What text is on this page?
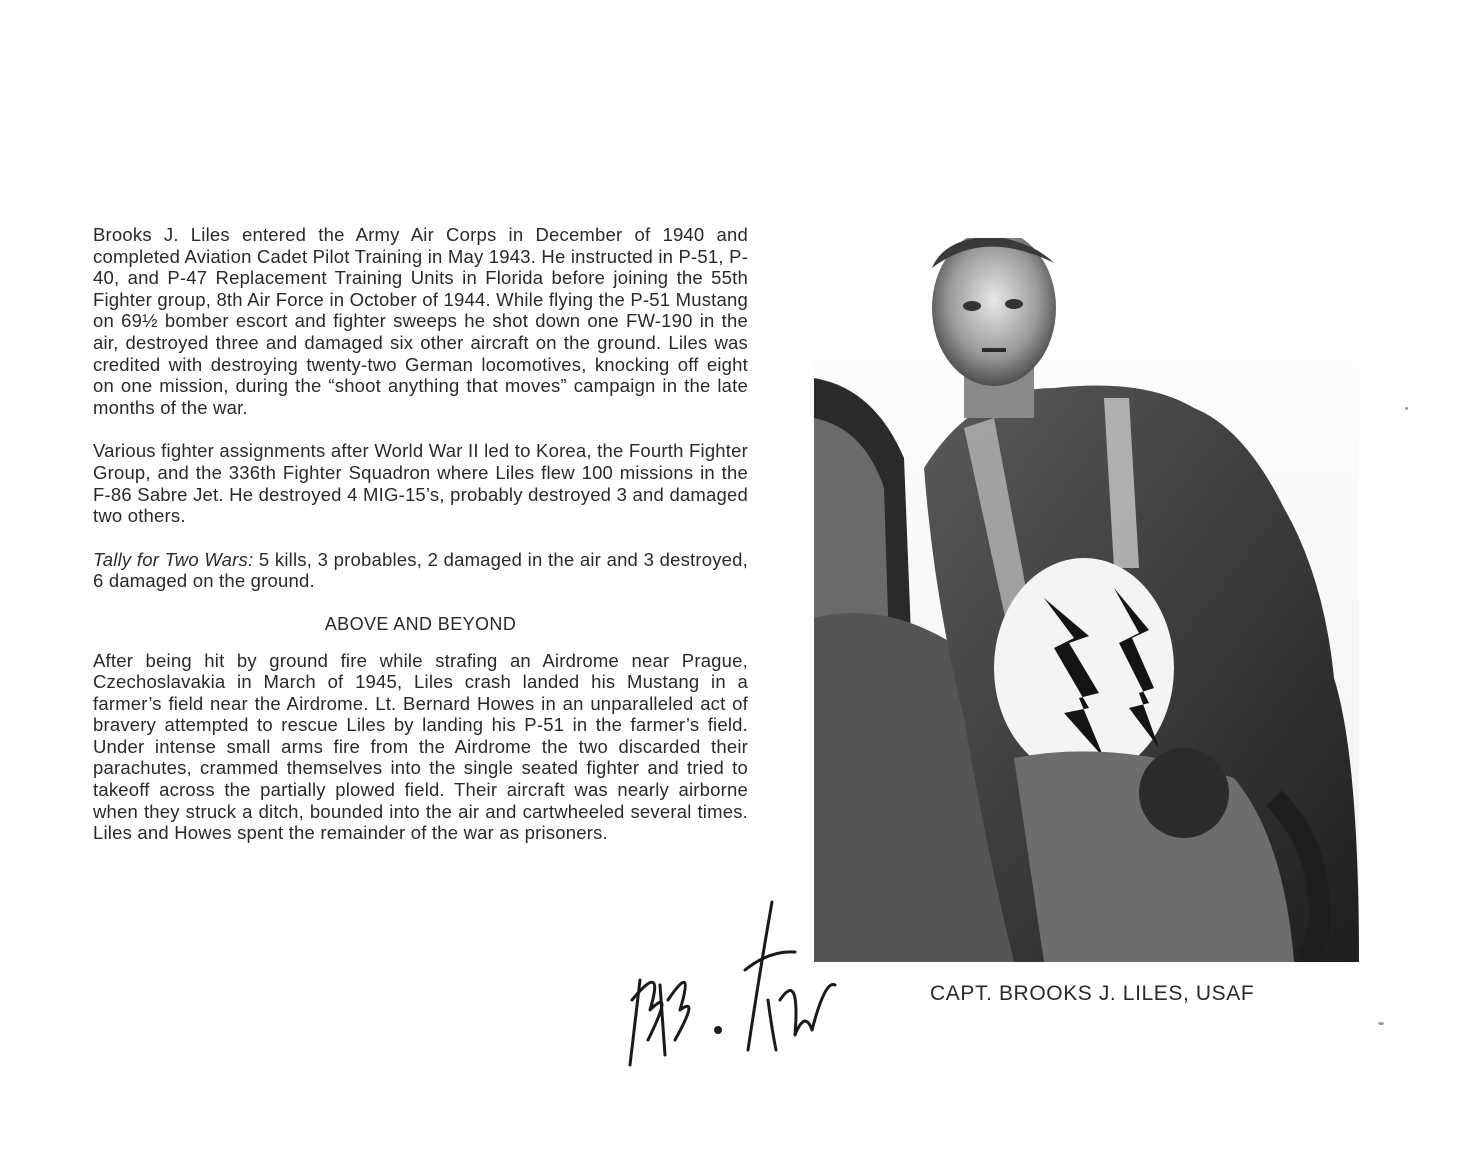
Brooks J. Liles entered the Army Air Corps in December of 1940 and completed Aviation Cadet Pilot Training in May 1943. He instructed in P-51, P-40, and P-47 Replacement Training Units in Florida before joining the 55th Fighter group, 8th Air Force in October of 1944. While flying the P-51 Mustang on 69½ bomber escort and fighter sweeps he shot down one FW-190 in the air, destroyed three and damaged six other aircraft on the ground. Liles was credited with destroying twenty-two German locomotives, knocking off eight on one mission, during the “shoot anything that moves” campaign in the late months of the war.

Various fighter assignments after World War II led to Korea, the Fourth Fighter Group, and the 336th Fighter Squadron where Liles flew 100 missions in the F-86 Sabre Jet. He destroyed 4 MIG-15’s, probably destroyed 3 and damaged two others.

Tally for Two Wars: 5 kills, 3 probables, 2 damaged in the air and 3 destroyed, 6 damaged on the ground.

ABOVE AND BEYOND

After being hit by ground fire while strafing an Airdrome near Prague, Czechoslavakia in March of 1945, Liles crash landed his Mustang in a farmer’s field near the Airdrome. Lt. Bernard Howes in an unparalleled act of bravery attempted to rescue Liles by landing his P-51 in the farmer’s field. Under intense small arms fire from the Airdrome the two discarded their parachutes, crammed themselves into the single seated fighter and tried to takeoff across the partially plowed field. Their aircraft was nearly airborne when they struck a ditch, bounded into the air and cartwheeled several times. Liles and Howes spent the remainder of the war as prisoners.

CAPT. BROOKS J. LILES, USAF
